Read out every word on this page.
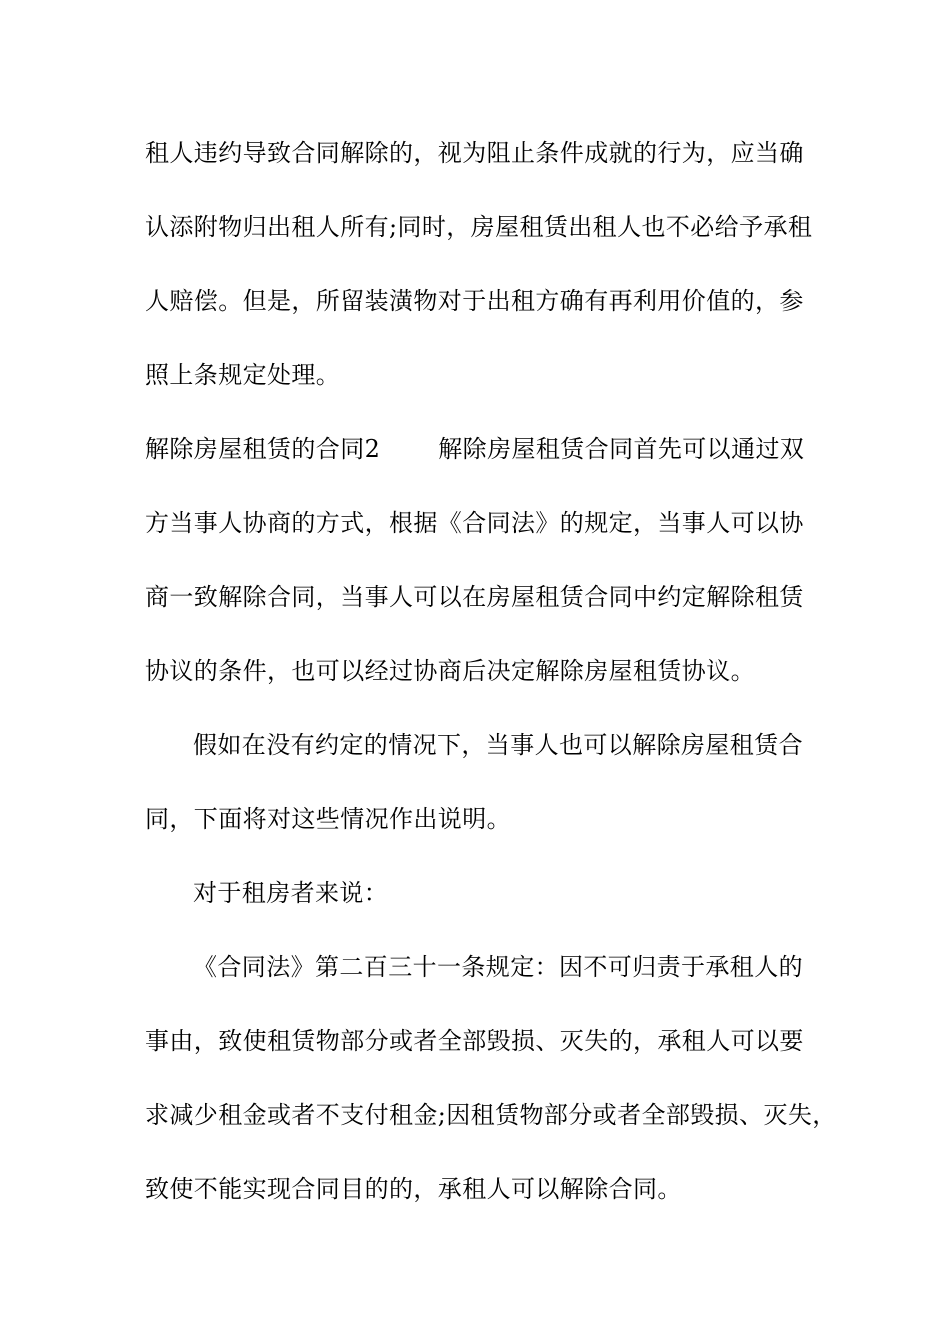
租人违约导致合同解除的，视为阻止条件成就的行为，应当确

认添附物归出租人所有;同时，房屋租赁出租人也不必给予承租

人赔偿。但是，所留装潢物对于出租方确有再利用价值的，参

照上条规定处理。

解除房屋租赁的合同2 解除房屋租赁合同首先可以通过双

方当事人协商的方式，根据《合同法》的规定，当事人可以协

商一致解除合同，当事人可以在房屋租赁合同中约定解除租赁

协议的条件，也可以经过协商后决定解除房屋租赁协议。

假如在没有约定的情况下，当事人也可以解除房屋租赁合

同，下面将对这些情况作出说明。

对于租房者来说：

《合同法》第二百三十一条规定：因不可归责于承租人的

事由，致使租赁物部分或者全部毁损、灭失的，承租人可以要

求减少租金或者不支付租金;因租赁物部分或者全部毁损、灭失，

致使不能实现合同目的的，承租人可以解除合同。
